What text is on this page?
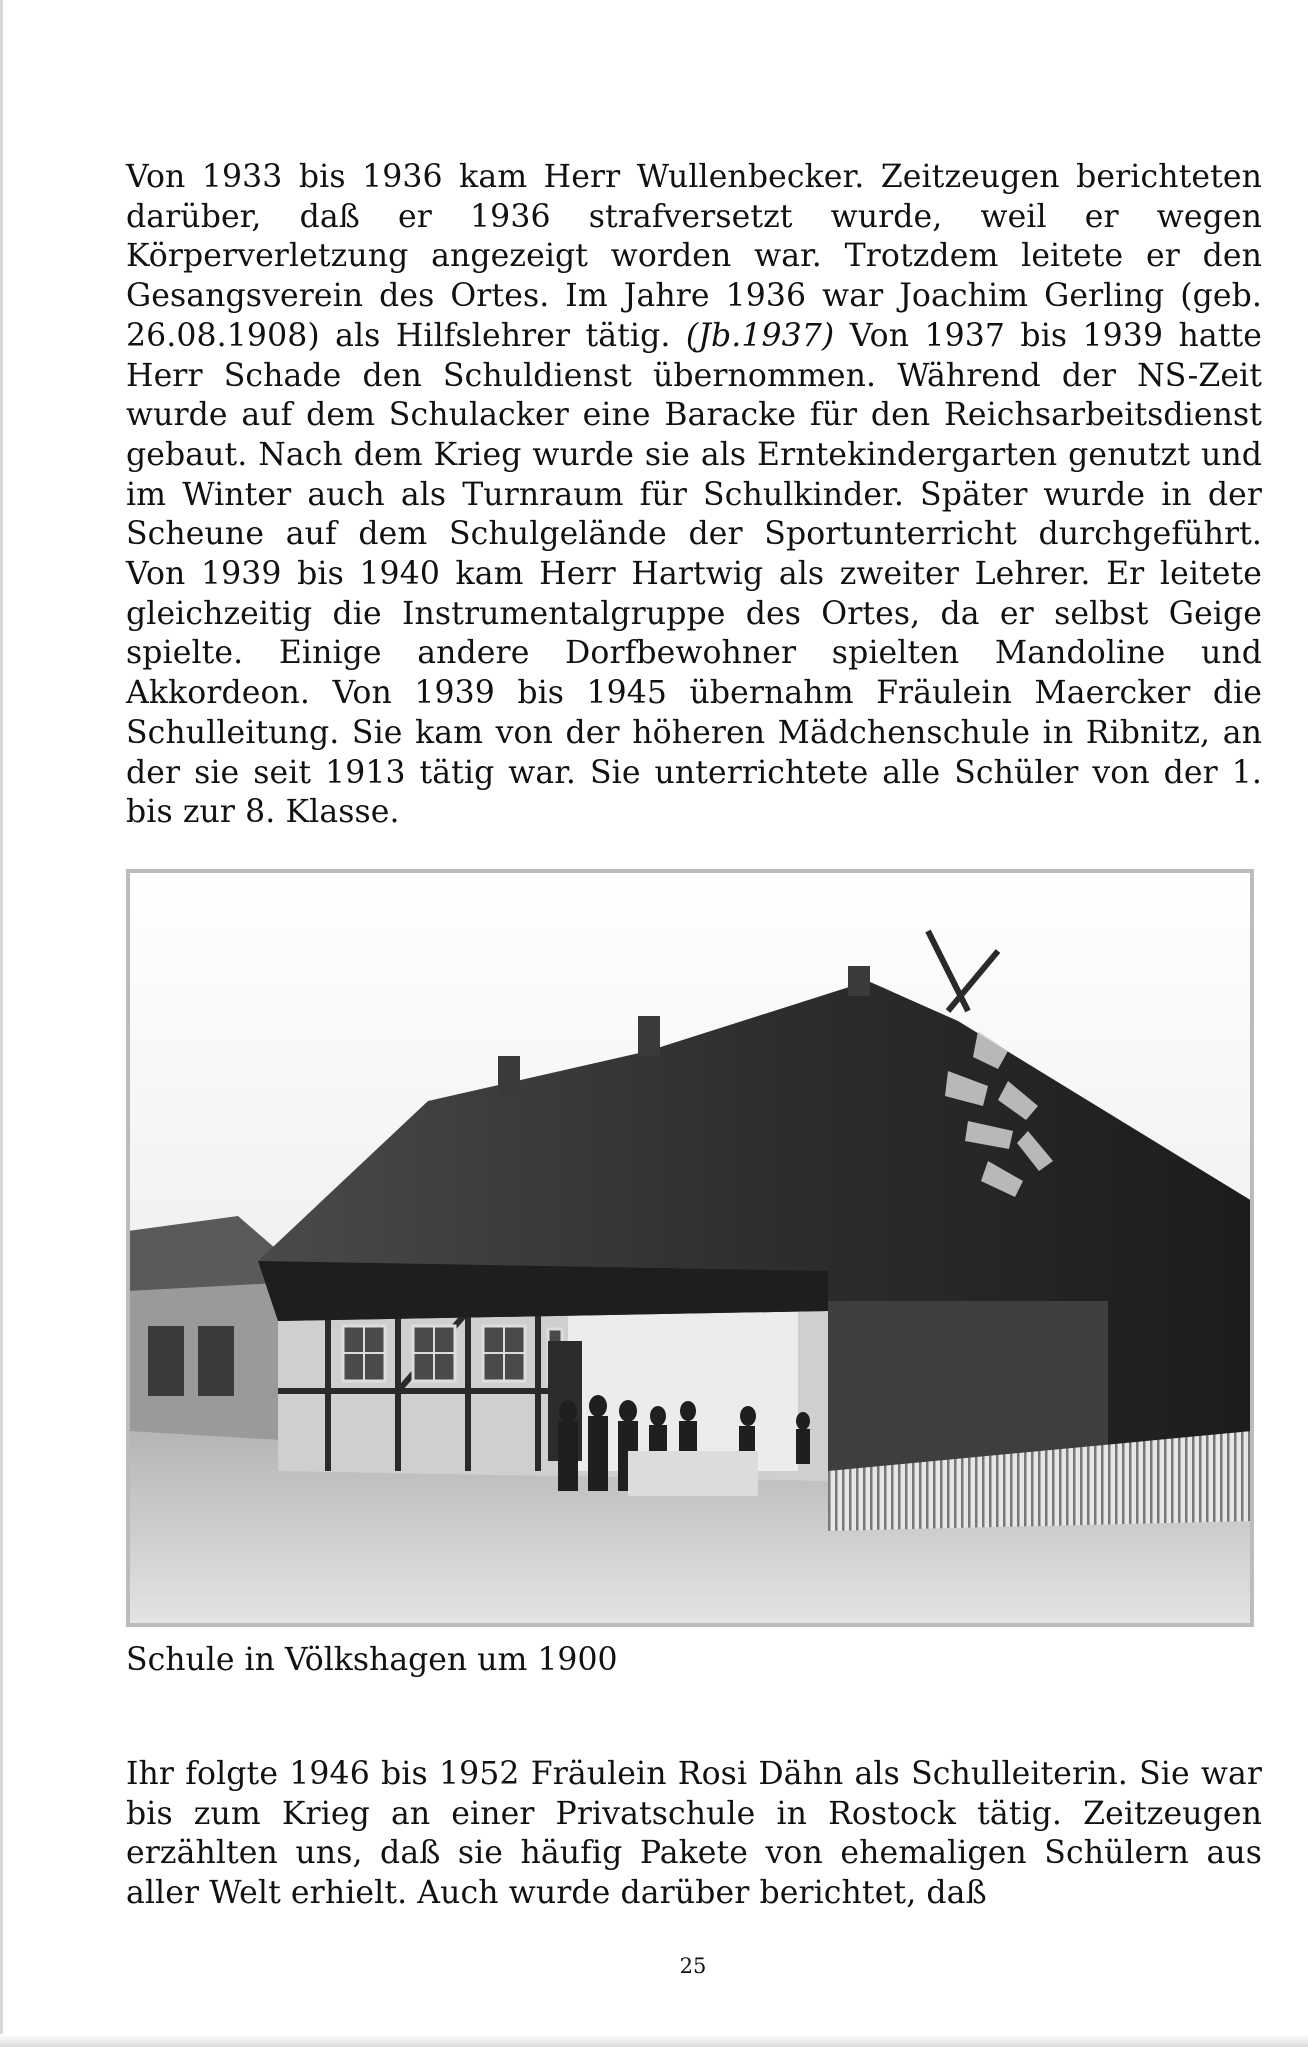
Von 1933 bis 1936 kam Herr Wullenbecker. Zeitzeugen berichteten darüber, daß er 1936 strafversetzt wurde, weil er wegen Körperverletzung angezeigt worden war. Trotzdem leitete er den Gesangsverein des Ortes. Im Jahre 1936 war Joachim Gerling (geb. 26.08.1908) als Hilfslehrer tätig. (Jb.1937) Von 1937 bis 1939 hatte Herr Schade den Schuldienst übernommen. Während der NS-Zeit wurde auf dem Schulacker eine Baracke für den Reichsarbeitsdienst gebaut. Nach dem Krieg wurde sie als Erntekindergarten genutzt und im Winter auch als Turnraum für Schulkinder. Später wurde in der Scheune auf dem Schulgelände der Sportunterricht durchgeführt. Von 1939 bis 1940 kam Herr Hartwig als zweiter Lehrer. Er leitete gleichzeitig die Instrumentalgruppe des Ortes, da er selbst Geige spielte. Einige andere Dorfbewohner spielten Mandoline und Akkordeon. Von 1939 bis 1945 übernahm Fräulein Maercker die Schulleitung. Sie kam von der höheren Mädchenschule in Ribnitz, an der sie seit 1913 tätig war. Sie unterrichtete alle Schüler von der 1. bis zur 8. Klasse.

Schule in Völkshagen um 1900

Ihr folgte 1946 bis 1952 Fräulein Rosi Dähn als Schulleiterin. Sie war bis zum Krieg an einer Privatschule in Rostock tätig. Zeitzeugen erzählten uns, daß sie häufig Pakete von ehemaligen Schülern aus aller Welt erhielt. Auch wurde darüber berichtet, daß

25
